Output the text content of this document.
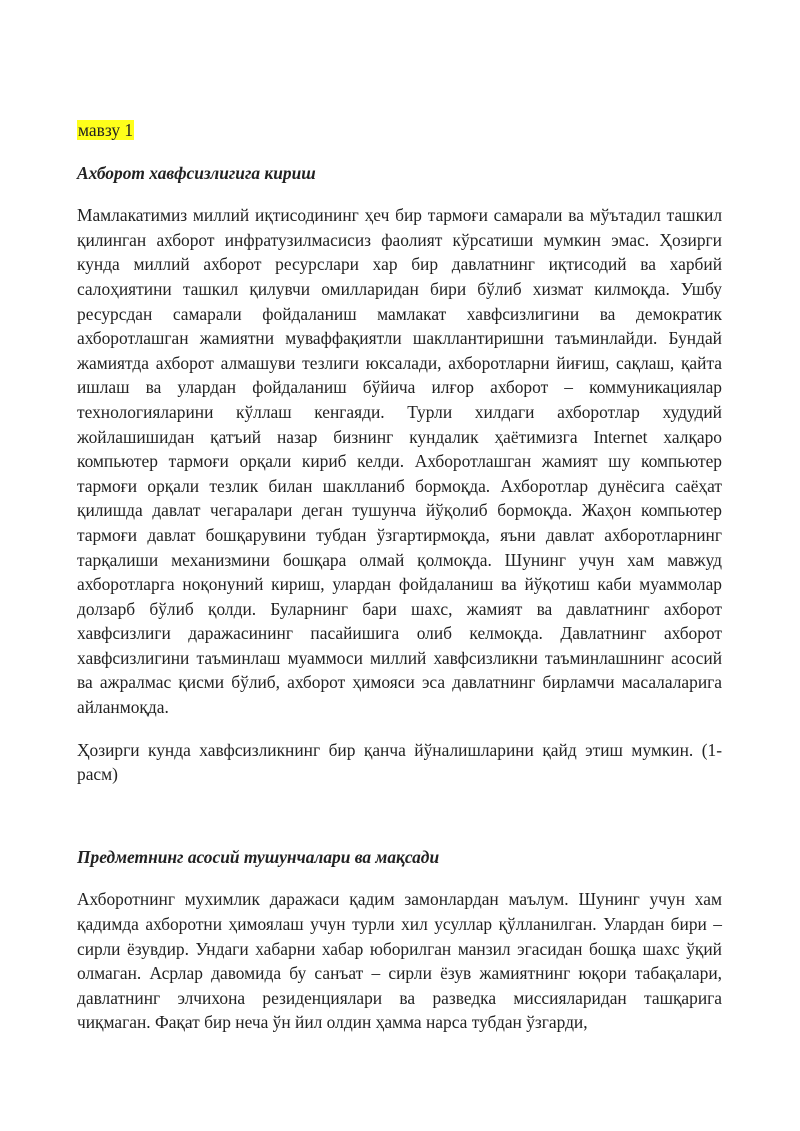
мавзу 1

Ахборот хавфсизлигига кириш

Мамлакатимиз миллий иқтисодининг ҳеч бир тармоғи самарали ва мўътадил ташкил қилинган ахборот инфратузилмасисиз фаолият кўрсатиши мумкин эмас. Ҳозирги кунда миллий ахборот ресурслари хар бир давлатнинг иқтисодий ва харбий салоҳиятини ташкил қилувчи омилларидан бири бўлиб хизмат килмоқда. Ушбу ресурсдан самарали фойдаланиш мамлакат хавфсизлигини ва демократик ахборотлашган жамиятни муваффақиятли шакллантиришни таъминлайди. Бундай жамиятда ахборот алмашуви тезлиги юксалади, ахборотларни йиғиш, сақлаш, қайта ишлаш ва улардан фойдаланиш бўйича илғор ахборот – коммуникациялар технологияларини кўллаш кенгаяди. Турли хилдаги ахборотлар худудий жойлашишидан қатъий назар бизнинг кундалик ҳаётимизга Internet халқаро компьютер тармоғи орқали кириб келди. Ахборотлашган жамият шу компьютер тармоғи орқали тезлик билан шаклланиб бормоқда. Ахборотлар дунёсига саёҳат қилишда давлат чегаралари деган тушунча йўқолиб бормоқда. Жаҳон компьютер тармоғи давлат бошқарувини тубдан ўзгартирмоқда, яъни давлат ахборотларнинг тарқалиши механизмини бошқара олмай қолмоқда. Шунинг учун хам мавжуд ахборотларга ноқонуний кириш, улардан фойдаланиш ва йўқотиш каби муаммолар долзарб бўлиб қолди. Буларнинг бари шахс, жамият ва давлатнинг ахборот хавфсизлиги даражасининг пасайишига олиб келмоқда. Давлатнинг ахборот хавфсизлигини таъминлаш муаммоси миллий хавфсизликни таъминлашнинг асосий ва ажралмас қисми бўлиб, ахборот ҳимояси эса давлатнинг бирламчи масалаларига айланмоқда.

Ҳозирги кунда хавфсизликнинг бир қанча йўналишларини қайд этиш мумкин. (1-расм)

Предметнинг асосий тушунчалари ва мақсади

Ахборотнинг мухимлик даражаси қадим замонлардан маълум. Шунинг учун хам қадимда ахборотни ҳимоялаш учун турли хил усуллар қўлланилган. Улардан бири – сирли ёзувдир. Ундаги хабарни хабар юборилган манзил эгасидан бошқа шахс ўқий олмаган. Асрлар давомида бу санъат – сирли ёзув жамиятнинг юқори табақалари, давлатнинг элчихона резиденциялари ва разведка миссияларидан ташқарига чиқмаган. Фақат бир неча ўн йил олдин ҳамма нарса тубдан ўзгарди,
